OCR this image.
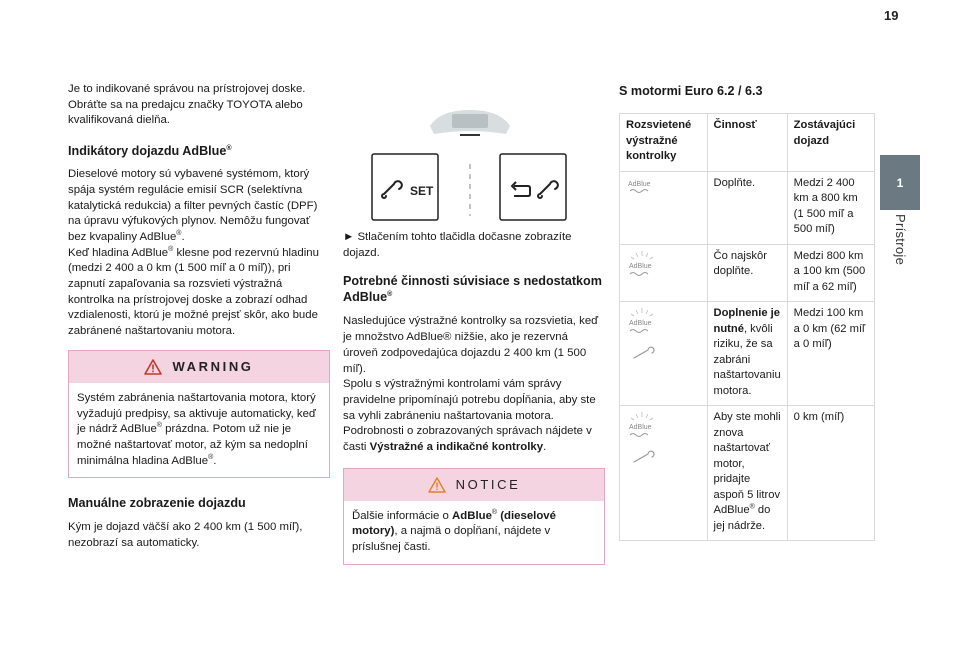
19
1
Prístroje

Je to indikované správou na prístrojovej doske. Obráťte sa na predajcu značky TOYOTA alebo kvalifikovaná dielňa.

Indikátory dojazdu AdBlue®

Dieselové motory sú vybavené systémom, ktorý spája systém regulácie emisií SCR (selektívna katalytická redukcia) a filter pevných častíc (DPF) na úpravu výfukových plynov. Nemôžu fungovať bez kvapaliny AdBlue®.

Keď hladina AdBlue® klesne pod rezervnú hladinu (medzi 2 400 a 0 km (1 500 míľ a 0 míľ)), pri zapnutí zapaľovania sa rozsvieti výstražná kontrolka na prístrojovej doske a zobrazí odhad vzdialenosti, ktorú je možné prejsť skôr, ako bude zabránené naštartovaniu motora.

WARNING
Systém zabránenia naštartovania motora, ktorý vyžadujú predpisy, sa aktivuje automaticky, keď je nádrž AdBlue® prázdna. Potom už nie je možné naštartovať motor, až kým sa nedoplní minimálna hladina AdBlue®.
Manuálne zobrazenie dojazdu

Kým je dojazd väčší ako 2 400 km (1 500 míľ), nezobrazí sa automaticky.

SET

► Stlačením tohto tlačidla dočasne zobrazíte dojazd.

Potrebné činnosti súvisiace s nedostatkom AdBlue®

Nasledujúce výstražné kontrolky sa rozsvietia, keď je množstvo AdBlue® nižšie, ako je rezervná úroveň zodpovedajúca dojazdu 2 400 km (1 500 míľ).

Spolu s výstražnými kontrolami vám správy pravidelne pripomínajú potrebu dopĺňania, aby ste sa vyhli zabráneniu naštartovania motora. Podrobnosti o zobrazovaných správach nájdete v časti Výstražné a indikačné kontrolky.

NOTICE
Ďalšie informácie o AdBlue® (dieselové motory), a najmä o dopĺňaní, nájdete v príslušnej časti.
S motormi Euro 6.2 / 6.3
Rozsvietené výstražné kontrolky	Činnosť	Zostávajúci dojazd

AdBlue	Doplňte.	Medzi 2 400 km a 800 km (1 500 míľ a 500 míľ)

AdBlue	Čo najskôr doplňte.	Medzi 800 km a 100 km (500 míľ a 62 míľ)

AdBlue	Doplnenie je nutné, kvôli riziku, že sa zabráni naštartovaniu motora.	Medzi 100 km a 0 km (62 míľ a 0 míľ)

AdBlue	Aby ste mohli znova naštartovať motor, pridajte aspoň 5 litrov AdBlue® do jej nádrže.	0 km (míľ)
